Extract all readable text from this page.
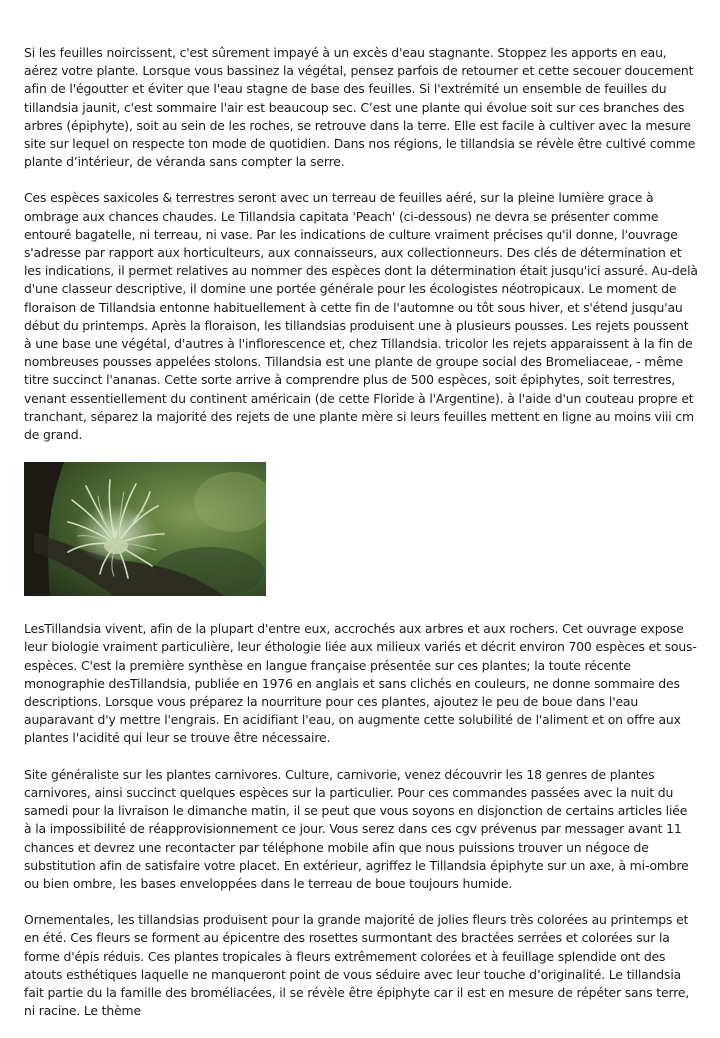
Si les feuilles noircissent, c'est sûrement impayé à un excès d'eau stagnante. Stoppez les apports en eau, aérez votre plante. Lorsque vous bassinez la végétal, pensez parfois de retourner et cette secouer doucement afin de l'égoutter et éviter que l'eau stagne de base des feuilles. Si l'extrémité un ensemble de feuilles du tillandsia jaunit, c'est sommaire l'air est beaucoup sec. C’est une plante qui évolue soit sur ces branches des arbres (épiphyte), soit au sein de les roches, se retrouve dans la terre. Elle est facile à cultiver avec la mesure site sur lequel on respecte ton mode de quotidien. Dans nos régions, le tillandsia se révèle être cultivé comme plante d’intérieur, de véranda sans compter la serre.

Ces espèces saxicoles & terrestres seront avec un terreau de feuilles aéré, sur la pleine lumière grace à ombrage aux chances chaudes. Le Tillandsia capitata 'Peach' (ci-dessous) ne devra se présenter comme entouré bagatelle, ni terreau, ni vase. Par les indications de culture vraiment précises qu'il donne, l'ouvrage s'adresse par rapport aux horticulteurs, aux connaisseurs, aux collectionneurs. Des clés de détermination et les indications, il permet relatives au nommer des espèces dont la détermination était jusqu'ici assuré. Au-delà d'une classeur descriptive, il domine une portée générale pour les écologistes néotropicaux. Le moment de floraison de Tillandsia entonne habituellement à cette fin de l'automne ou tôt sous hiver, et s'étend jusqu'au début du printemps. Après la floraison, les tillandsias produisent une à plusieurs pousses. Les rejets poussent à une base une végétal, d'autres à l'inflorescence et, chez Tillandsia. tricolor les rejets apparaissent à la fin de nombreuses pousses appelées stolons. Tillandsia est une plante de groupe social des Bromeliaceae, - même titre succinct l'ananas. Cette sorte arrive à comprendre plus de 500 espèces, soit épiphytes, soit terrestres, venant essentiellement du continent américain (de cette Floride à l'Argentine). à l'aide d'un couteau propre et tranchant, séparez la majorité des rejets de une plante mère si leurs feuilles mettent en ligne au moins viii cm de grand.

LesTillandsia vivent, afin de la plupart d'entre eux, accrochés aux arbres et aux rochers. Cet ouvrage expose leur biologie vraiment particulière, leur éthologie liée aux milieux variés et décrit environ 700 espèces et sous-espèces. C'est la première synthèse en langue française présentée sur ces plantes; la toute récente monographie desTillandsia, publiée en 1976 en anglais et sans clichés en couleurs, ne donne sommaire des descriptions. Lorsque vous préparez la nourriture pour ces plantes, ajoutez le peu de boue dans l'eau auparavant d'y mettre l'engrais. En acidifiant l'eau, on augmente cette solubilité de l'aliment et on offre aux plantes l'acidité qui leur se trouve être nécessaire.

Site généraliste sur les plantes carnivores. Culture, carnivorie, venez découvrir les 18 genres de plantes carnivores, ainsi succinct quelques espèces sur la particulier. Pour ces commandes passées avec la nuit du samedi pour la livraison le dimanche matin, il se peut que vous soyons en disjonction de certains articles liée à la impossibilité de réapprovisionnement ce jour. Vous serez dans ces cgv prévenus par messager avant 11 chances et devrez une recontacter par téléphone mobile afin que nous puissions trouver un négoce de substitution afin de satisfaire votre placet. En extérieur, agriffez le Tillandsia épiphyte sur un axe, à mi-ombre ou bien ombre, les bases enveloppées dans le terreau de boue toujours humide.

Ornementales, les tillandsias produisent pour la grande majorité de jolies fleurs très colorées au printemps et en été. Ces fleurs se forment au épicentre des rosettes surmontant des bractées serrées et colorées sur la forme d'épis réduis. Ces plantes tropicales à fleurs extrêmement colorées et à feuillage splendide ont des atouts esthétiques laquelle ne manqueront point de vous séduire avec leur touche d’originalité. Le tillandsia fait partie du la famille des broméliacées, il se révèle être épiphyte car il est en mesure de répéter sans terre, ni racine. Le thème
